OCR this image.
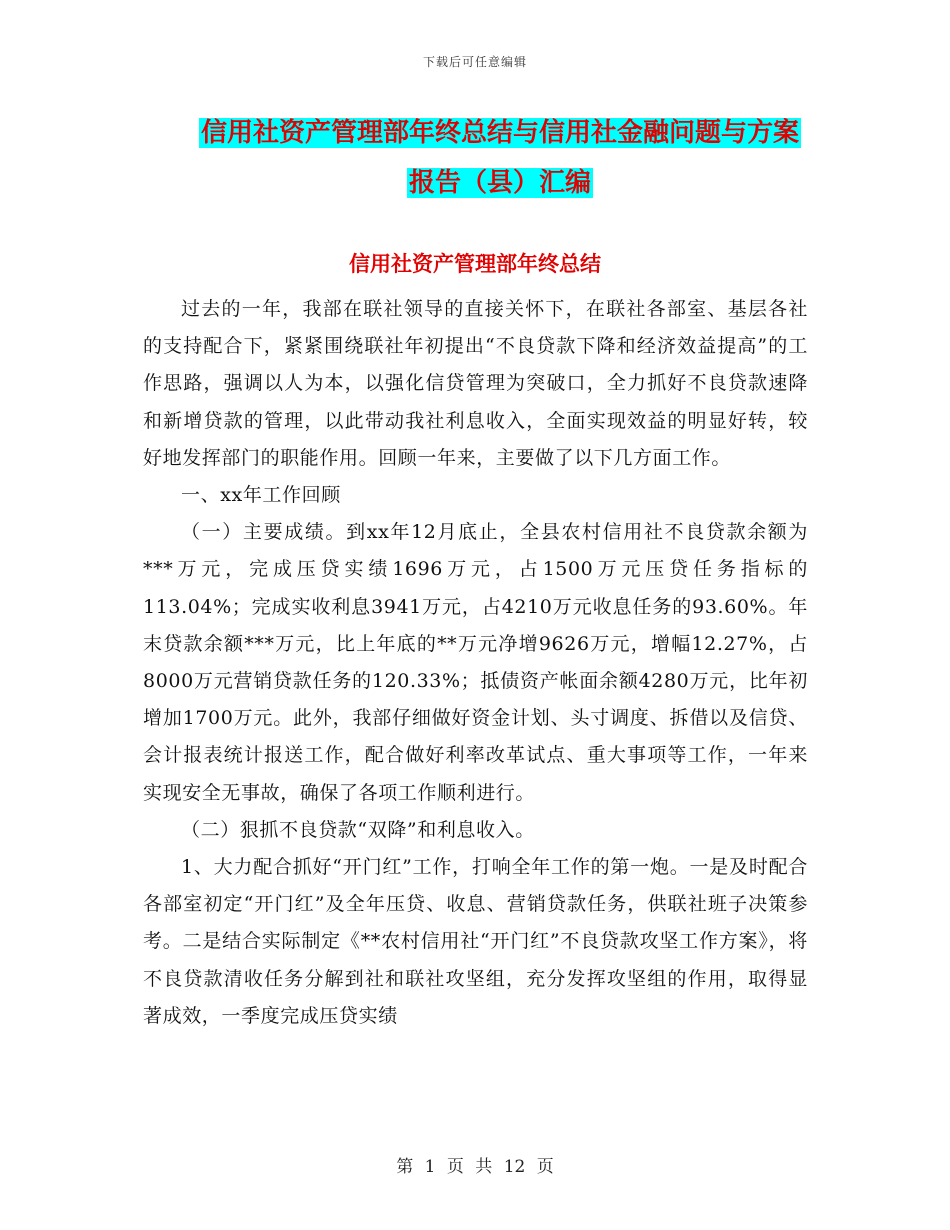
下载后可任意编辑
信用社资产管理部年终总结与信用社金融问题与方案
报告（县）汇编
信用社资产管理部年终总结

过去的一年，我部在联社领导的直接关怀下，在联社各部室、基层各社的支持配合下，紧紧围绕联社年初提出“不良贷款下降和经济效益提高”的工作思路，强调以人为本，以强化信贷管理为突破口，全力抓好不良贷款速降和新增贷款的管理，以此带动我社利息收入，全面实现效益的明显好转，较好地发挥部门的职能作用。回顾一年来，主要做了以下几方面工作。

一、xx年工作回顾

（一）主要成绩。到xx年12月底止，全县农村信用社不良贷款余额为***万元，完成压贷实绩1696万元，占1500万元压贷任务指标的113.04%；完成实收利息3941万元，占4210万元收息任务的93.60%。年末贷款余额***万元，比上年底的**万元净增9626万元，增幅12.27%，占8000万元营销贷款任务的120.33%；抵债资产帐面余额4280万元，比年初增加1700万元。此外，我部仔细做好资金计划、头寸调度、拆借以及信贷、会计报表统计报送工作，配合做好利率改革试点、重大事项等工作，一年来实现安全无事故，确保了各项工作顺利进行。

（二）狠抓不良贷款“双降”和利息收入。

1、大力配合抓好“开门红”工作，打响全年工作的第一炮。一是及时配合各部室初定“开门红”及全年压贷、收息、营销贷款任务，供联社班子决策参考。二是结合实际制定《**农村信用社“开门红”不良贷款攻坚工作方案》，将不良贷款清收任务分解到社和联社攻坚组，充分发挥攻坚组的作用，取得显著成效，一季度完成压贷实绩

第 1 页 共 12 页
